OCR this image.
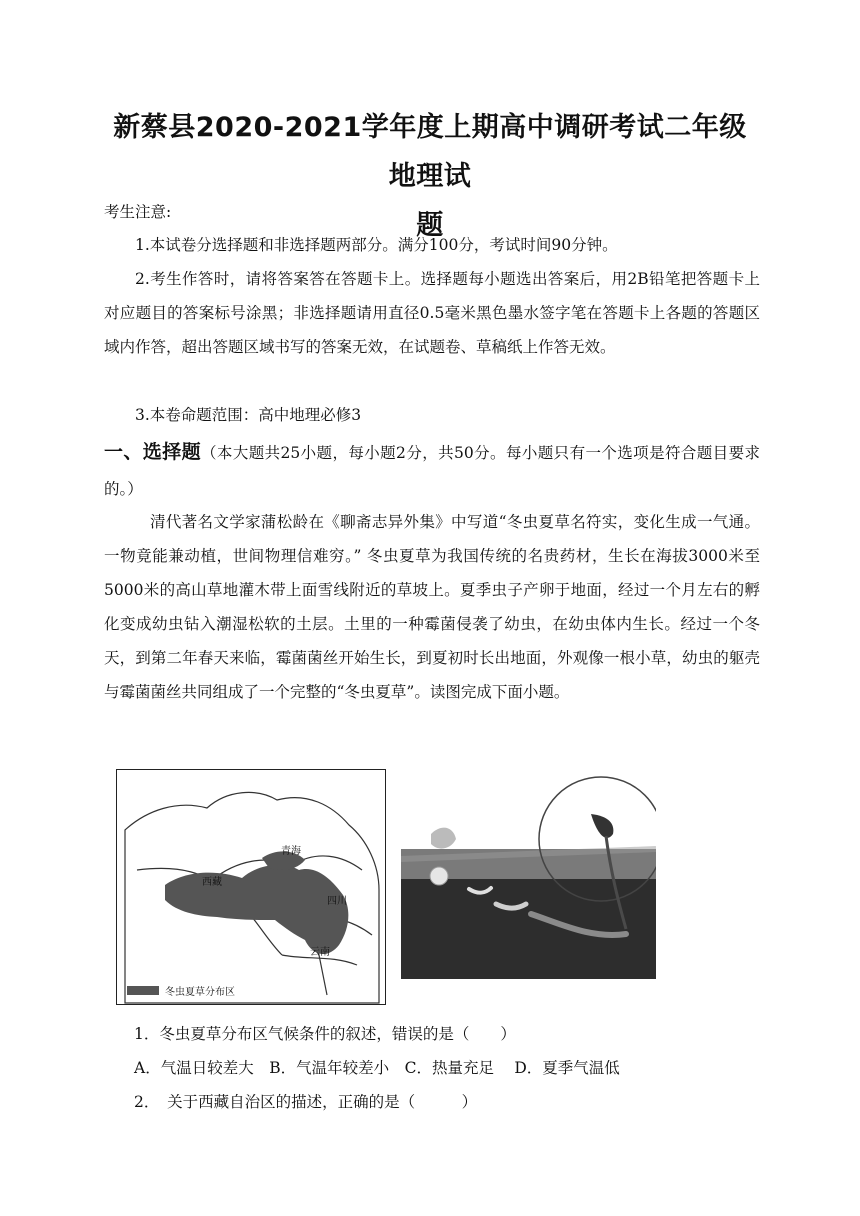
新蔡县2020-2021学年度上期高中调研考试二年级地理试
题
考生注意:
1.本试卷分选择题和非选择题两部分。满分100分，考试时间90分钟。
2.考生作答时，请将答案答在答题卡上。选择题每小题选出答案后，用2B铅笔把答题卡上对应题目的答案标号涂黑；非选择题请用直径0.5毫米黑色墨水签字笔在答题卡上各题的答题区域内作答，超出答题区域书写的答案无效，在试题卷、草稿纸上作答无效。
3.本卷命题范围：高中地理必修3
一、选择题（本大题共25小题，每小题2分，共50分。每小题只有一个选项是符合题目要求的。）
清代著名文学家蒲松龄在《聊斋志异外集》中写道“冬虫夏草名符实，变化生成一气通。一物竟能兼动植，世间物理信难穷。” 冬虫夏草为我国传统的名贵药材，生长在海拔3000米至5000米的高山草地灌木带上面雪线附近的草坡上。夏季虫子产卵于地面，经过一个月左右的孵化变成幼虫钻入潮湿松软的土层。土里的一种霉菌侵袭了幼虫，在幼虫体内生长。经过一个冬天，到第二年春天来临，霉菌菌丝开始生长，到夏初时长出地面，外观像一根小草，幼虫的躯壳与霉菌菌丝共同组成了一个完整的“冬虫夏草”。读图完成下面小题。
青海
西藏
四川
云南
冬虫夏草分布区
1．冬虫夏草分布区气候条件的叙述，错误的是（　　）
A．气温日较差大　B．气温年较差小　C．热量充足　 D．夏季气温低
2．　关于西藏自治区的描述，正确的是（　　　）
